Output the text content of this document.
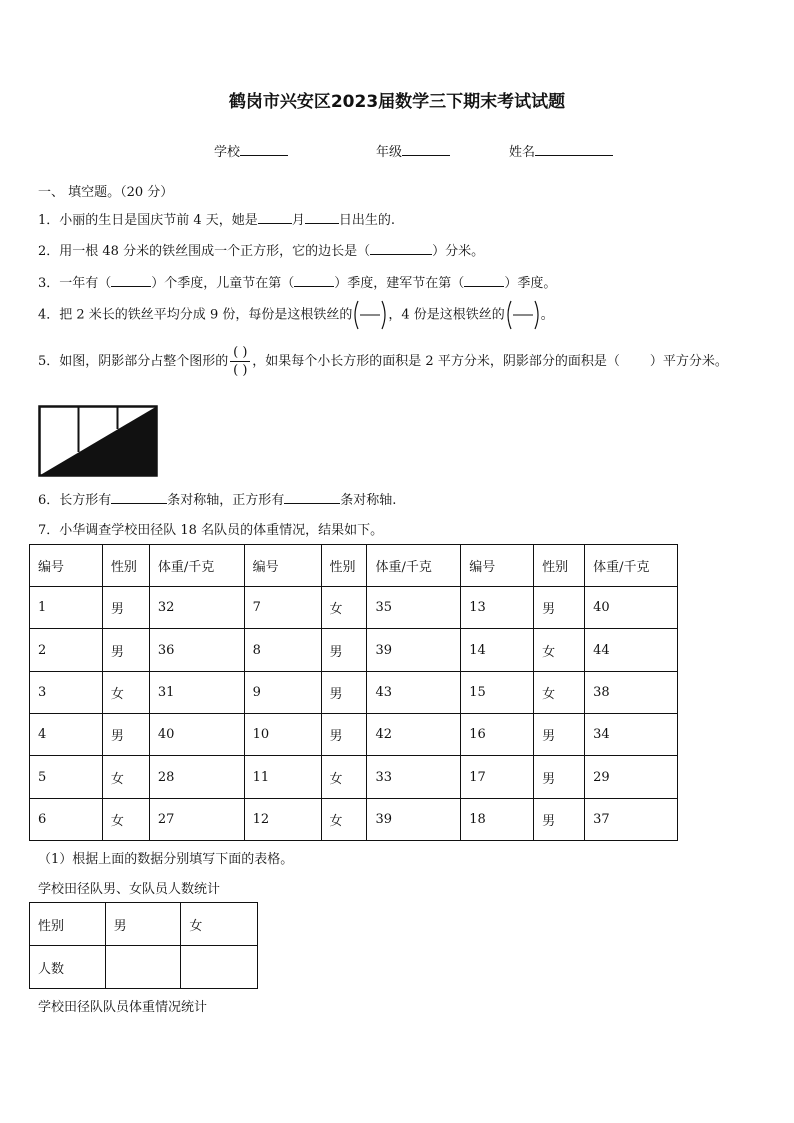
鹤岗市兴安区2023届数学三下期末考试试题
学校	年级	姓名
一、 填空题。（20 分）
1．小丽的生日是国庆节前 4 天，她是	月	日出生的.
2．用一根 48 分米的铁丝围成一个正方形，它的边长是（	）分米。
3．一年有（	）个季度，儿童节在第（	）季度，建军节在第（	）季度。
4．把 2 米长的铁丝平均分成 9 份，每份是这根铁丝的	，4 份是这根铁丝的	。
5．如图，阴影部分占整个图形的 $\frac{( )}{( )}$ ，如果每个小长方形的面积是 2 平方分米，阴影部分的面积是（ ）平方分米。
6．长方形有	条对称轴，正方形有	条对称轴.
7．小华调查学校田径队 18 名队员的体重情况，结果如下。
编号	性别	体重/千克	编号	性别	体重/千克	编号	性别	体重/千克
1	男	32	7	女	35	13	男	40
2	男	36	8	男	39	14	女	44
3	女	31	9	男	43	15	女	38
4	男	40	10	男	42	16	男	34
5	女	28	11	女	33	17	男	29
6	女	27	12	女	39	18	男	37
（1）根据上面的数据分别填写下面的表格。
学校田径队男、女队员人数统计
性别	男	女
人数		
学校田径队队员体重情况统计
